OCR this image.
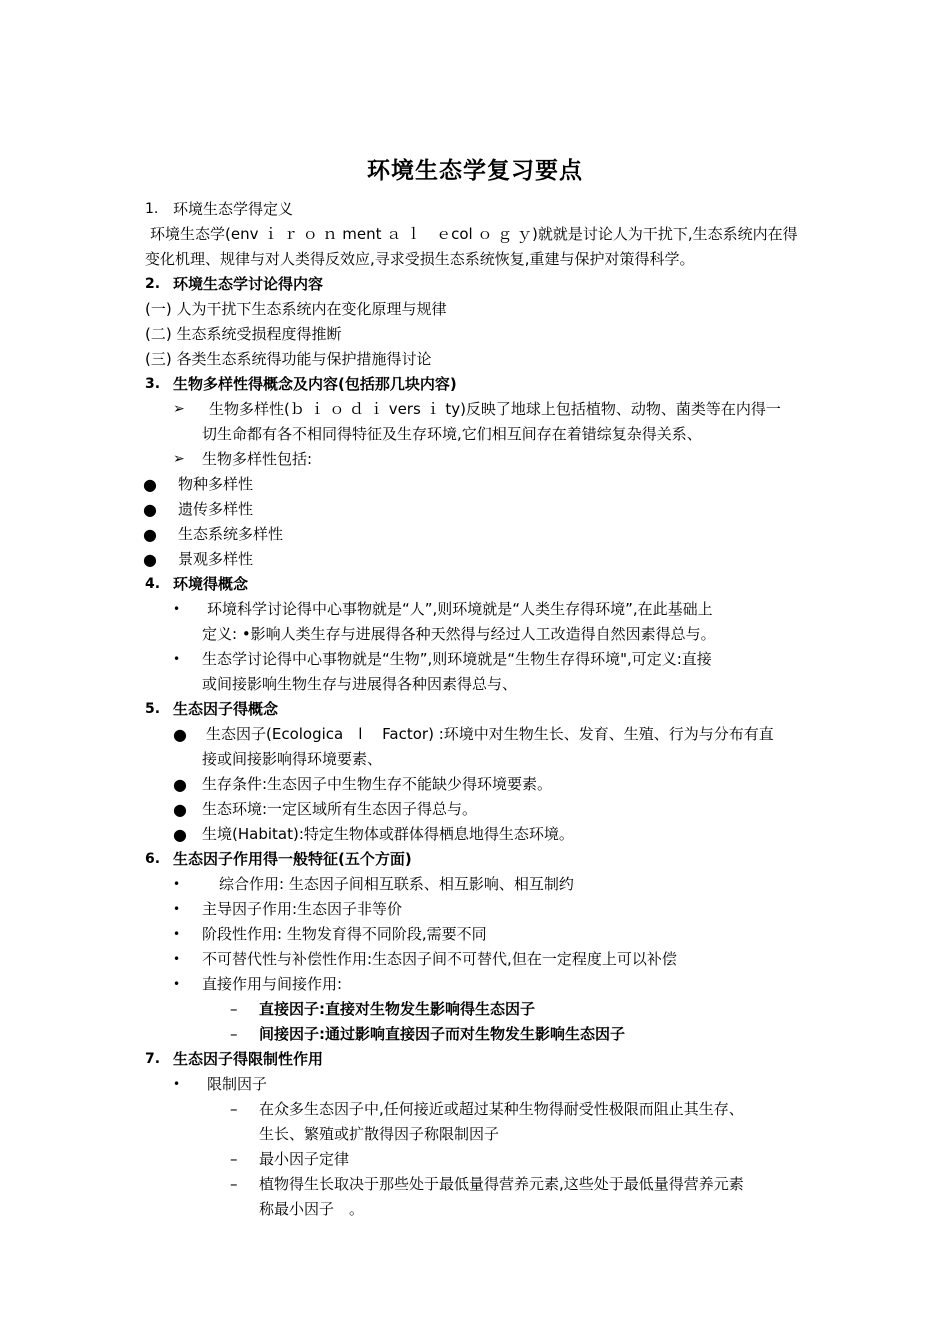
环境生态学复习要点
1. 环境生态学得定义
环境生态学(env ｉ ｒ ｏ ｎ ment ａ ｌ　ｅcol ｏ ｇ ｙ)就就是讨论人为干扰下,生态系统内在得
变化机理、规律与对人类得反效应,寻求受损生态系统恢复,重建与保护对策得科学。
2. 环境生态学讨论得内容
(一) 人为干扰下生态系统内在变化原理与规律
(二) 生态系统受损程度得推断
(三) 各类生态系统得功能与保护措施得讨论
3. 生物多样性得概念及内容(包括那几块内容)
➢ 生物多样性(ｂ ｉ ｏ ｄ ｉ vers ｉ ty)反映了地球上包括植物、动物、菌类等在内得一
切生命都有各不相同得特征及生存环境,它们相互间存在着错综复杂得关系、
➢ 生物多样性包括:
● 物种多样性
● 遗传多样性
● 生态系统多样性
● 景观多样性
4. 环境得概念
• 环境科学讨论得中心事物就是“人”,则环境就是“人类生存得环境”,在此基础上
定义: •影响人类生存与进展得各种天然得与经过人工改造得自然因素得总与。
• 生态学讨论得中心事物就是“生物”,则环境就是“生物生存得环境",可定义:直接
或间接影响生物生存与进展得各种因素得总与、
5. 生态因子得概念
● 生态因子(Ecologica　l　 Factor) :环境中对生物生长、发育、生殖、行为与分布有直
接或间接影响得环境要素、
● 生存条件:生态因子中生物生存不能缺少得环境要素。
● 生态环境:一定区域所有生态因子得总与。
● 生境(Habitat):特定生物体或群体得栖息地得生态环境。
6. 生态因子作用得一般特征(五个方面)
•	综合作用: 生态因子间相互联系、相互影响、相互制约
• 主导因子作用:生态因子非等价
• 阶段性作用: 生物发育得不同阶段,需要不同
• 不可替代性与补偿性作用:生态因子间不可替代,但在一定程度上可以补偿
• 直接作用与间接作用:
– 直接因子:直接对生物发生影响得生态因子
– 间接因子:通过影响直接因子而对生物发生影响生态因子
7. 生态因子得限制性作用
• 限制因子
– 在众多生态因子中,任何接近或超过某种生物得耐受性极限而阻止其生存、
生长、繁殖或扩散得因子称限制因子
– 最小因子定律
– 植物得生长取决于那些处于最低量得营养元素,这些处于最低量得营养元素
称最小因子　。
